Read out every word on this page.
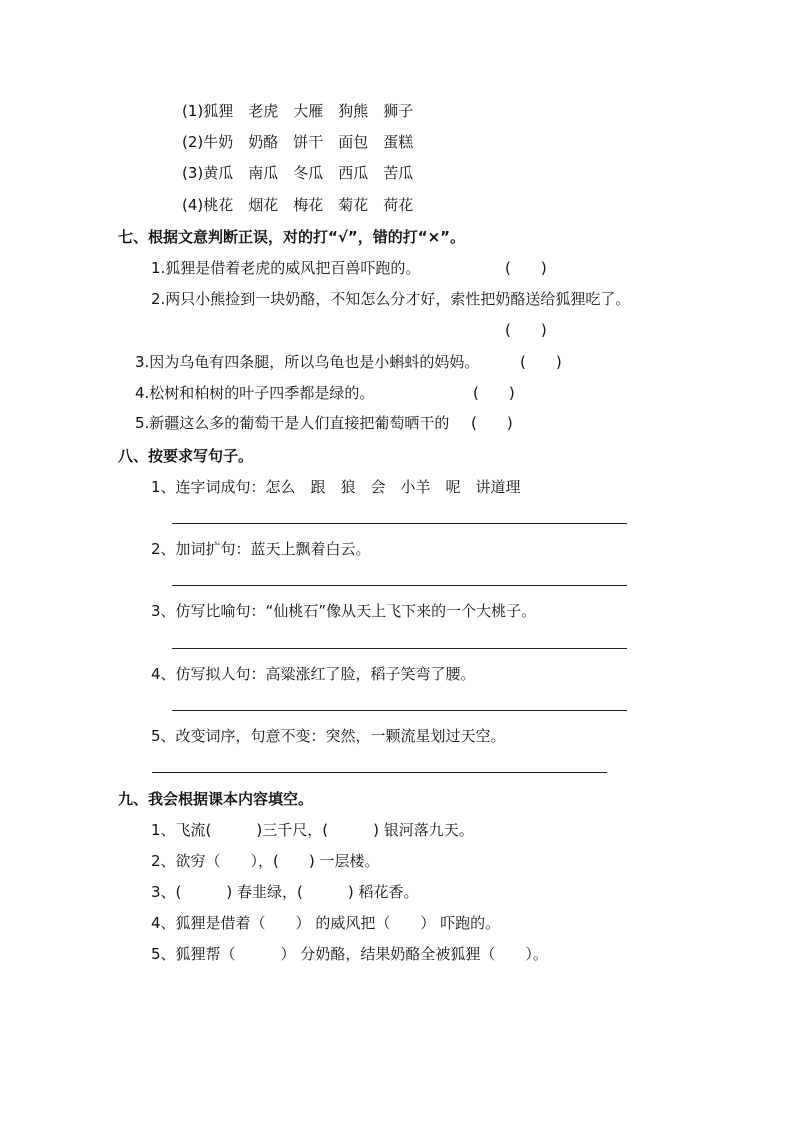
(1)狐狸　老虎　大雁　狗熊　狮子
(2)牛奶　奶酪　饼干　面包　蛋糕
(3)黄瓜　南瓜　冬瓜　西瓜　苦瓜
(4)桃花　烟花　梅花　菊花　荷花
七、根据文意判断正误，对的打“√”，错的打“×”。
1.狐狸是借着老虎的威风把百兽吓跑的。	(　　)
2.两只小熊捡到一块奶酪，不知怎么分才好，索性把奶酪送给狐狸吃了。
(　　)
3.因为乌龟有四条腿，所以乌龟也是小蝌蚪的妈妈。	(　　)
4.松树和柏树的叶子四季都是绿的。	(　　)
5.新疆这么多的葡萄干是人们直接把葡萄晒干的 (　　)
八、按要求写句子。
1、连字词成句：怎么　跟　狼　会　小羊　呢　讲道理
2、加词扩句：蓝天上飘着白云。
3、仿写比喻句：“仙桃石”像从天上飞下来的一个大桃子。
4、仿写拟人句：高粱涨红了脸，稻子笑弯了腰。
5、改变词序，句意不变：突然，一颗流星划过天空。
九、我会根据课本内容填空。
1、飞流(　　　)三千尺，(　　　) 银河落九天。
2、欲穷（　　），(　　) 一层楼。
3、(　　　) 春韭绿，(　　　) 稻花香。
4、狐狸是借着（　　） 的威风把（　　） 吓跑的。
5、狐狸帮（　　　） 分奶酪，结果奶酪全被狐狸（　　）。
